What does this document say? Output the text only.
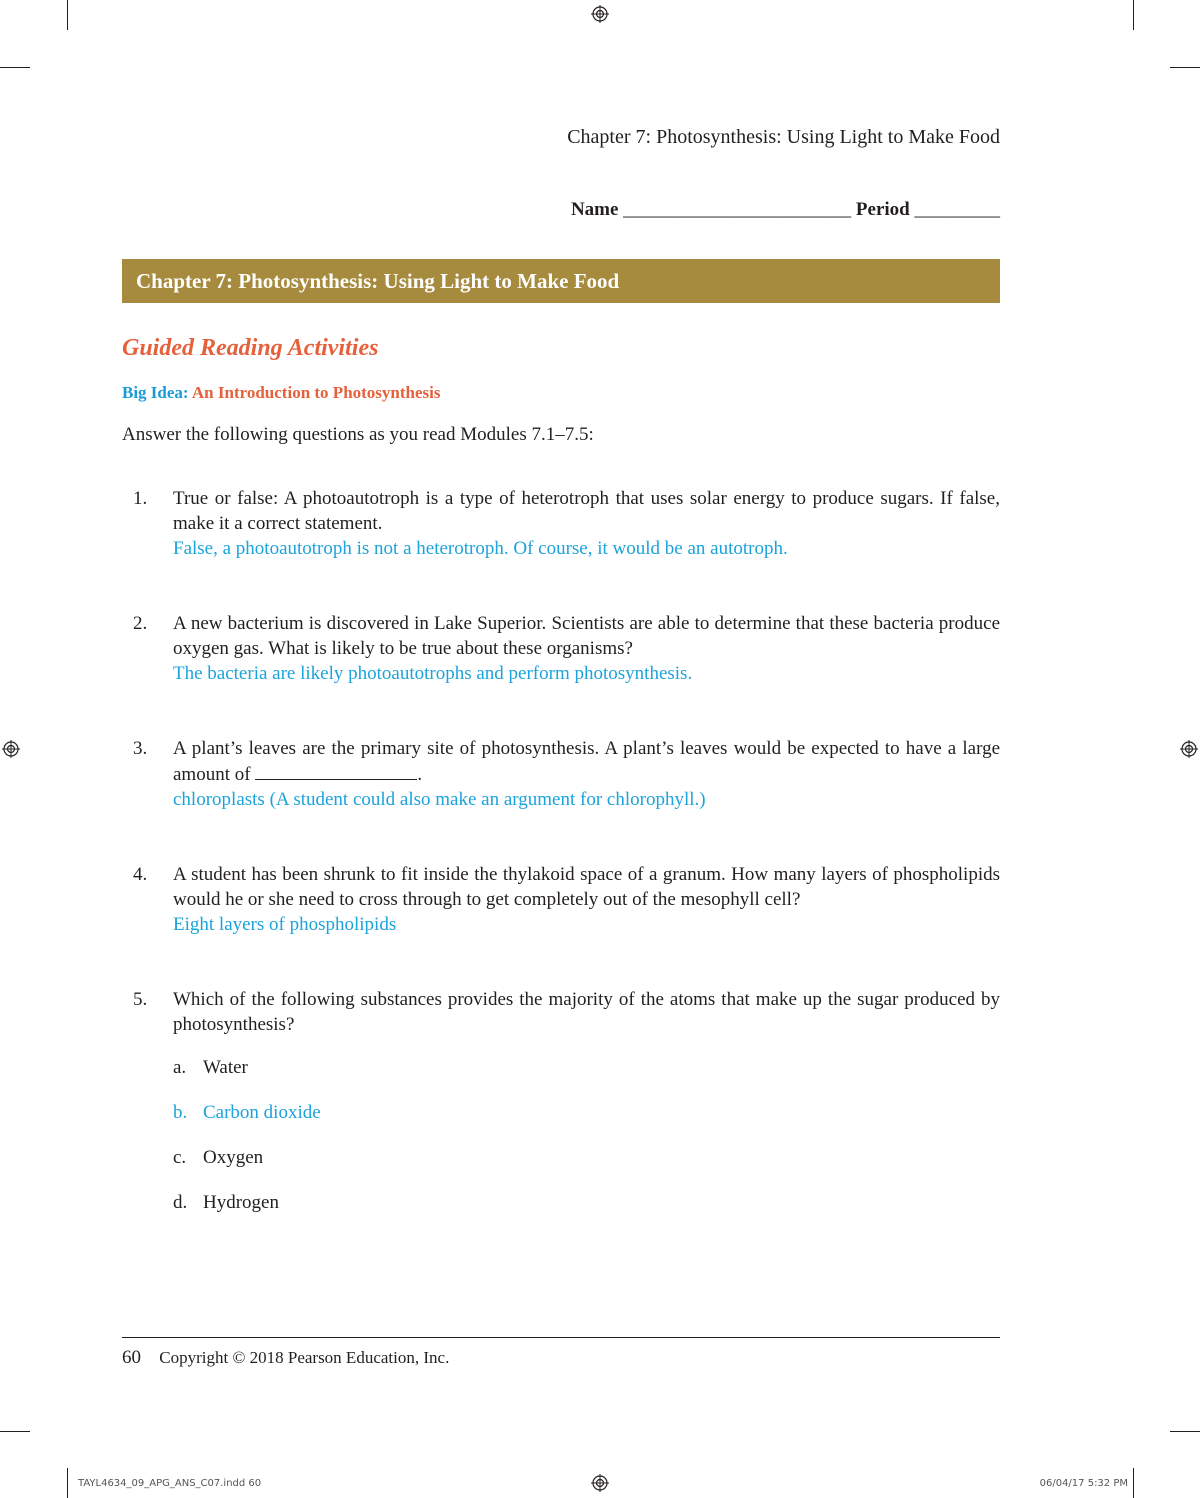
Chapter 7: Photosynthesis: Using Light to Make Food
Name ________________________ Period _________
Chapter 7: Photosynthesis: Using Light to Make Food
Guided Reading Activities
Big Idea: An Introduction to Photosynthesis
Answer the following questions as you read Modules 7.1–7.5:
1. True or false: A photoautotroph is a type of heterotroph that uses solar energy to produce sugars. If false, make it a correct statement.
False, a photoautotroph is not a heterotroph. Of course, it would be an autotroph.
2. A new bacterium is discovered in Lake Superior. Scientists are able to determine that these bacteria produce oxygen gas. What is likely to be true about these organisms?
The bacteria are likely photoautotrophs and perform photosynthesis.
3. A plant’s leaves are the primary site of photosynthesis. A plant’s leaves would be expected to have a large amount of	.
chloroplasts (A student could also make an argument for chlorophyll.)
4. A student has been shrunk to fit inside the thylakoid space of a granum. How many layers of phospholipids would he or she need to cross through to get completely out of the mesophyll cell?
Eight layers of phospholipids
5. Which of the following substances provides the majority of the atoms that make up the sugar produced by photosynthesis?
a. Water
b. Carbon dioxide
c. Oxygen
d. Hydrogen
60 Copyright © 2018 Pearson Education, Inc.
TAYL4634_09_APG_ANS_C07.indd 60	06/04/17 5:32 PM
